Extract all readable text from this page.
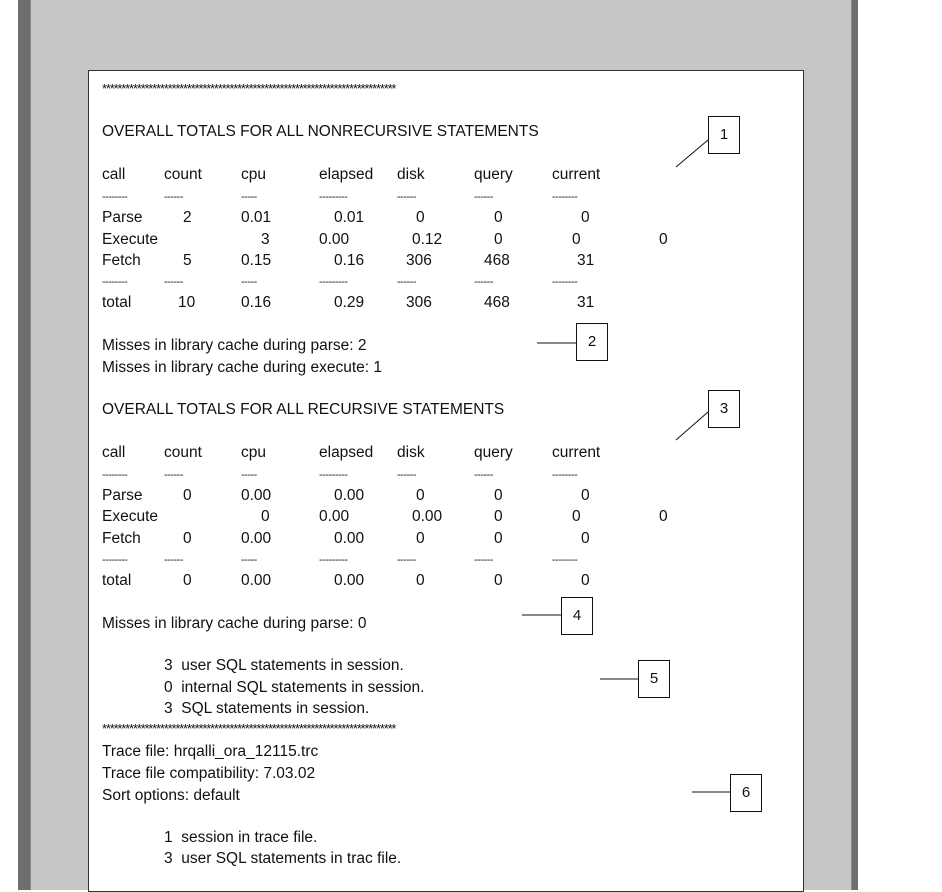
1
2
3
4
5
6
****************************************************************************
OVERALL TOTALS FOR ALL NONRECURSIVE STATEMENTS
call count	cpu	elapsed disk	query	current
--------	------	-----	---------	------	------	--------
Parse	2	0.01	0.01	0	0	0
Execute	3	0.00	0.12	0	0	0
Fetch	5	0.15	0.16	306	468	31
--------	------	-----	---------	------	------	--------
total	10	0.16	0.29	306	468	31
Misses in library cache during parse: 2
Misses in library cache during execute: 1
OVERALL TOTALS FOR ALL RECURSIVE STATEMENTS
call count	cpu	elapsed disk	query	current
--------	------	-----	---------	------	------	--------
Parse	0	0.00	0.00	0	0	0
Execute	0	0.00	0.00	0	0	0
Fetch	0	0.00	0.00	0	0	0
--------	------	-----	---------	------	------	--------
total	0	0.00	0.00	0	0	0
Misses in library cache during parse: 0
3  user SQL statements in session.
0  internal SQL statements in session.
3  SQL statements in session.
****************************************************************************
Trace file: hrqalli_ora_12115.trc
Trace file compatibility: 7.03.02
Sort options: default
1  session in trace file.
3  user SQL statements in trac file.
